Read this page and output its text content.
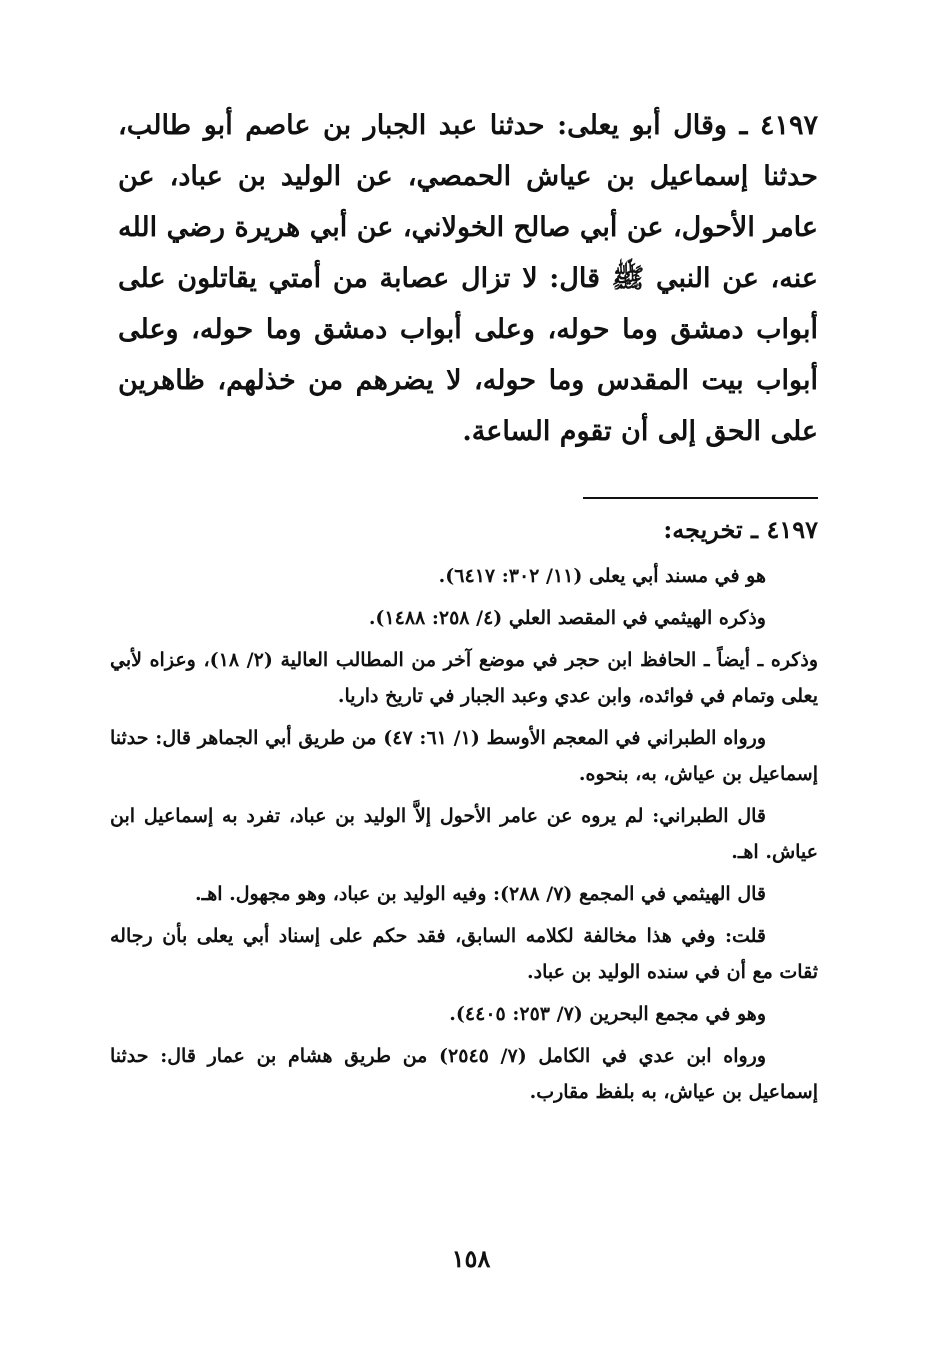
٤١٩٧ ـ وقال أبو يعلى: حدثنا عبد الجبار بن عاصم أبو طالب، حدثنا إسماعيل بن عياش الحمصي، عن الوليد بن عباد، عن عامر الأحول، عن أبي صالح الخولاني، عن أبي هريرة رضي الله عنه، عن النبي ﷺ قال: لا تزال عصابة من أمتي يقاتلون على أبواب دمشق وما حوله، وعلى أبواب دمشق وما حوله، وعلى أبواب بيت المقدس وما حوله، لا يضرهم من خذلهم، ظاهرين على الحق إلى أن تقوم الساعة.

٤١٩٧ ـ تخريجه:

هو في مسند أبي يعلى (١١/ ٣٠٢: ٦٤١٧).

وذكره الهيثمي في المقصد العلي (٤/ ٢٥٨: ١٤٨٨).

وذكره ـ أيضاً ـ الحافظ ابن حجر في موضع آخر من المطالب العالية (٢/ ١٨)، وعزاه لأبي يعلى وتمام في فوائده، وابن عدي وعبد الجبار في تاريخ داريا.

ورواه الطبراني في المعجم الأوسط (١/ ٦١: ٤٧) من طريق أبي الجماهر قال: حدثنا إسماعيل بن عياش، به، بنحوه.

قال الطبراني: لم يروه عن عامر الأحول إلاَّ الوليد بن عباد، تفرد به إسماعيل ابن عياش. اهـ.

قال الهيثمي في المجمع (٧/ ٢٨٨): وفيه الوليد بن عباد، وهو مجهول. اهـ.

قلت: وفي هذا مخالفة لكلامه السابق، فقد حكم على إسناد أبي يعلى بأن رجاله ثقات مع أن في سنده الوليد بن عباد.

وهو في مجمع البحرين (٧/ ٢٥٣: ٤٤٠٥).

ورواه ابن عدي في الكامل (٧/ ٢٥٤٥) من طريق هشام بن عمار قال: حدثنا إسماعيل بن عياش، به بلفظ مقارب.

١٥٨
